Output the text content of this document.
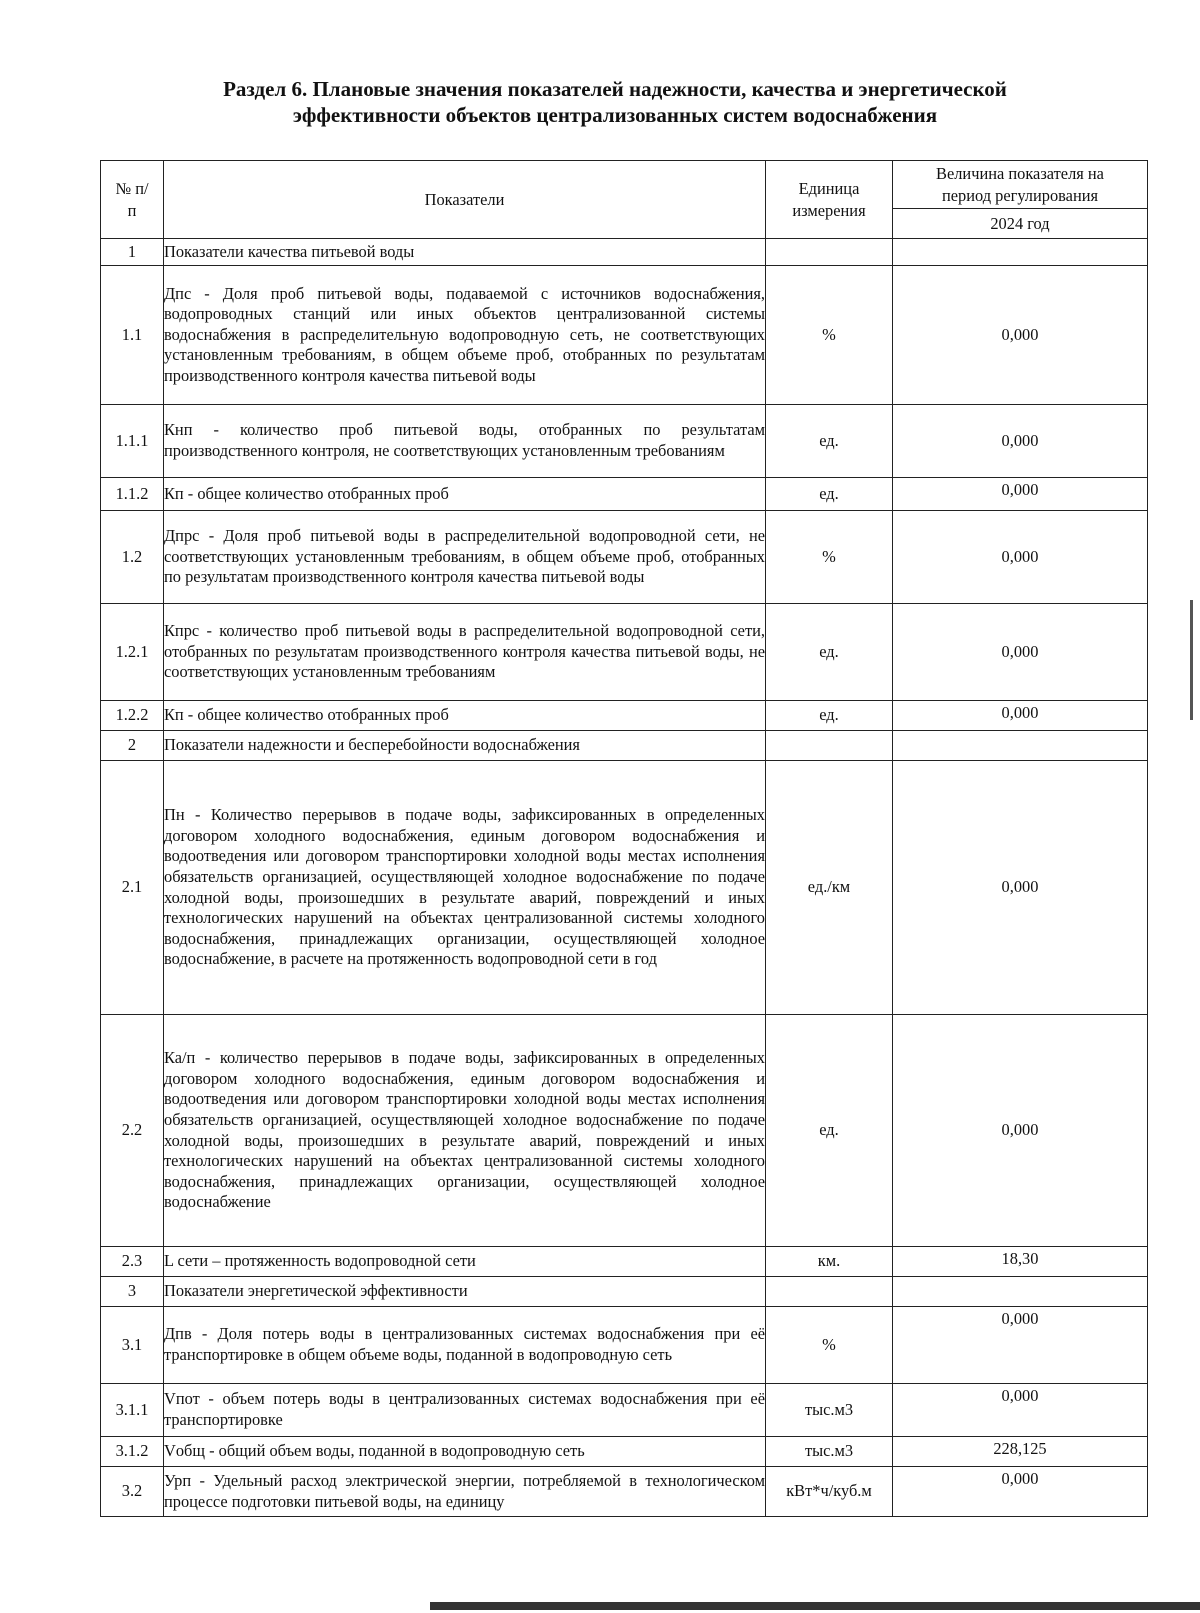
Раздел 6. Плановые значения показателей надежности, качества и энергетической
эффективности объектов централизованных систем водоснабжения
№ п/п	Показатели	Единица измерения	Величина показателя на период регулирования
			2024 год
1	Показатели качества питьевой воды		
1.1	Дпс - Доля проб питьевой воды, подаваемой с источников водоснабжения, водопроводных станций или иных объектов централизованной системы водоснабжения в распределительную водопроводную сеть, не соответствующих установленным требованиям, в общем объеме проб, отобранных по результатам производственного контроля качества питьевой воды	%	0,000
1.1.1	Кнп - количество проб питьевой воды, отобранных по результатам производственного контроля, не соответствующих установленным требованиям	ед.	0,000
1.1.2	Кп - общее количество отобранных проб	ед.	0,000
1.2	Дпрс - Доля проб питьевой воды в распределительной водопроводной сети, не соответствующих установленным требованиям, в общем объеме проб, отобранных по результатам производственного контроля качества питьевой воды	%	0,000
1.2.1	Кпрс - количество проб питьевой воды в распределительной водопроводной сети, отобранных по результатам производственного контроля качества питьевой воды, не соответствующих установленным требованиям	ед.	0,000
1.2.2	Кп - общее количество отобранных проб	ед.	0,000
2	Показатели надежности и бесперебойности водоснабжения		
2.1	Пн - Количество перерывов в подаче воды, зафиксированных в определенных договором холодного водоснабжения, единым договором водоснабжения и водоотведения или договором транспортировки холодной воды местах исполнения обязательств организацией, осуществляющей холодное водоснабжение по подаче холодной воды, произошедших в результате аварий, повреждений и иных технологических нарушений на объектах централизованной системы холодного водоснабжения, принадлежащих организации, осуществляющей холодное водоснабжение, в расчете на протяженность водопроводной сети в год	ед./км	0,000
2.2	Ка/п - количество перерывов в подаче воды, зафиксированных в определенных договором холодного водоснабжения, единым договором водоснабжения и водоотведения или договором транспортировки холодной воды местах исполнения обязательств организацией, осуществляющей холодное водоснабжение по подаче холодной воды, произошедших в результате аварий, повреждений и иных технологических нарушений на объектах централизованной системы холодного водоснабжения, принадлежащих организации, осуществляющей холодное водоснабжение	ед.	0,000
2.3	L сети – протяженность водопроводной сети	км.	18,30
3	Показатели энергетической эффективности		
3.1	Дпв - Доля потерь воды в централизованных системах водоснабжения при её транспортировке в общем объеме воды, поданной в водопроводную сеть	%	0,000
3.1.1	Vпот - объем потерь воды в централизованных системах водоснабжения при её транспортировке	тыс.м3	0,000
3.1.2	Vобщ - общий объем воды, поданной в водопроводную сеть	тыс.м3	228,125
3.2	Урп - Удельный расход электрической энергии, потребляемой в технологическом процессе подготовки питьевой воды, на единицу	кВт*ч/куб.м	0,000
